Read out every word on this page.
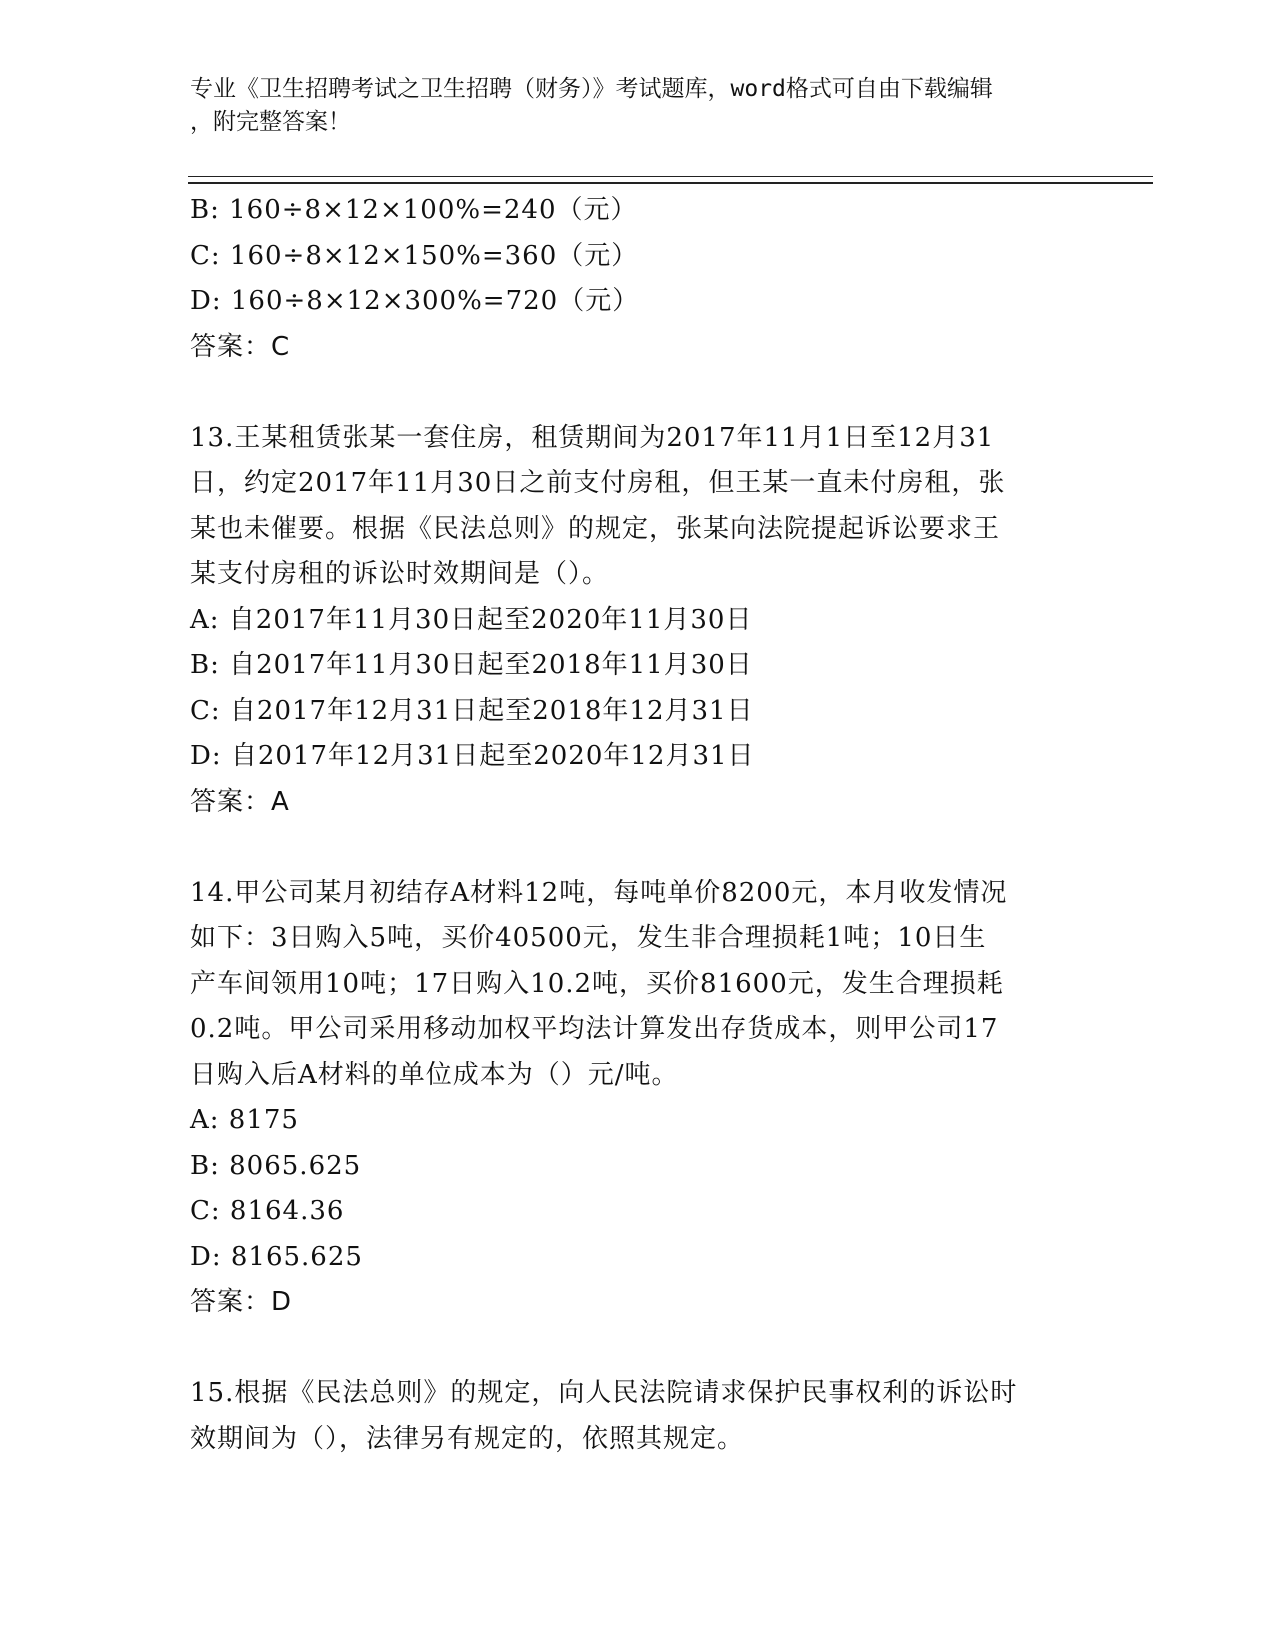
专业《卫生招聘考试之卫生招聘（财务）》考试题库，word格式可自由下载编辑
，附完整答案！
B: 160÷8×12×100%=240（元）
C: 160÷8×12×150%=360（元）
D: 160÷8×12×300%=720（元）
答案：C
13.王某租赁张某一套住房，租赁期间为2017年11月1日至12月31
日，约定2017年11月30日之前支付房租，但王某一直未付房租，张
某也未催要。根据《民法总则》的规定，张某向法院提起诉讼要求王
某支付房租的诉讼时效期间是（）。
A: 自2017年11月30日起至2020年11月30日
B: 自2017年11月30日起至2018年11月30日
C: 自2017年12月31日起至2018年12月31日
D: 自2017年12月31日起至2020年12月31日
答案：A
14.甲公司某月初结存A材料12吨，每吨单价8200元，本月收发情况
如下：3日购入5吨，买价40500元，发生非合理损耗1吨；10日生
产车间领用10吨；17日购入10.2吨，买价81600元，发生合理损耗
0.2吨。甲公司采用移动加权平均法计算发出存货成本，则甲公司17
日购入后A材料的单位成本为（）元/吨。
A: 8175
B: 8065.625
C: 8164.36
D: 8165.625
答案：D
15.根据《民法总则》的规定，向人民法院请求保护民事权利的诉讼时
效期间为（），法律另有规定的，依照其规定。
